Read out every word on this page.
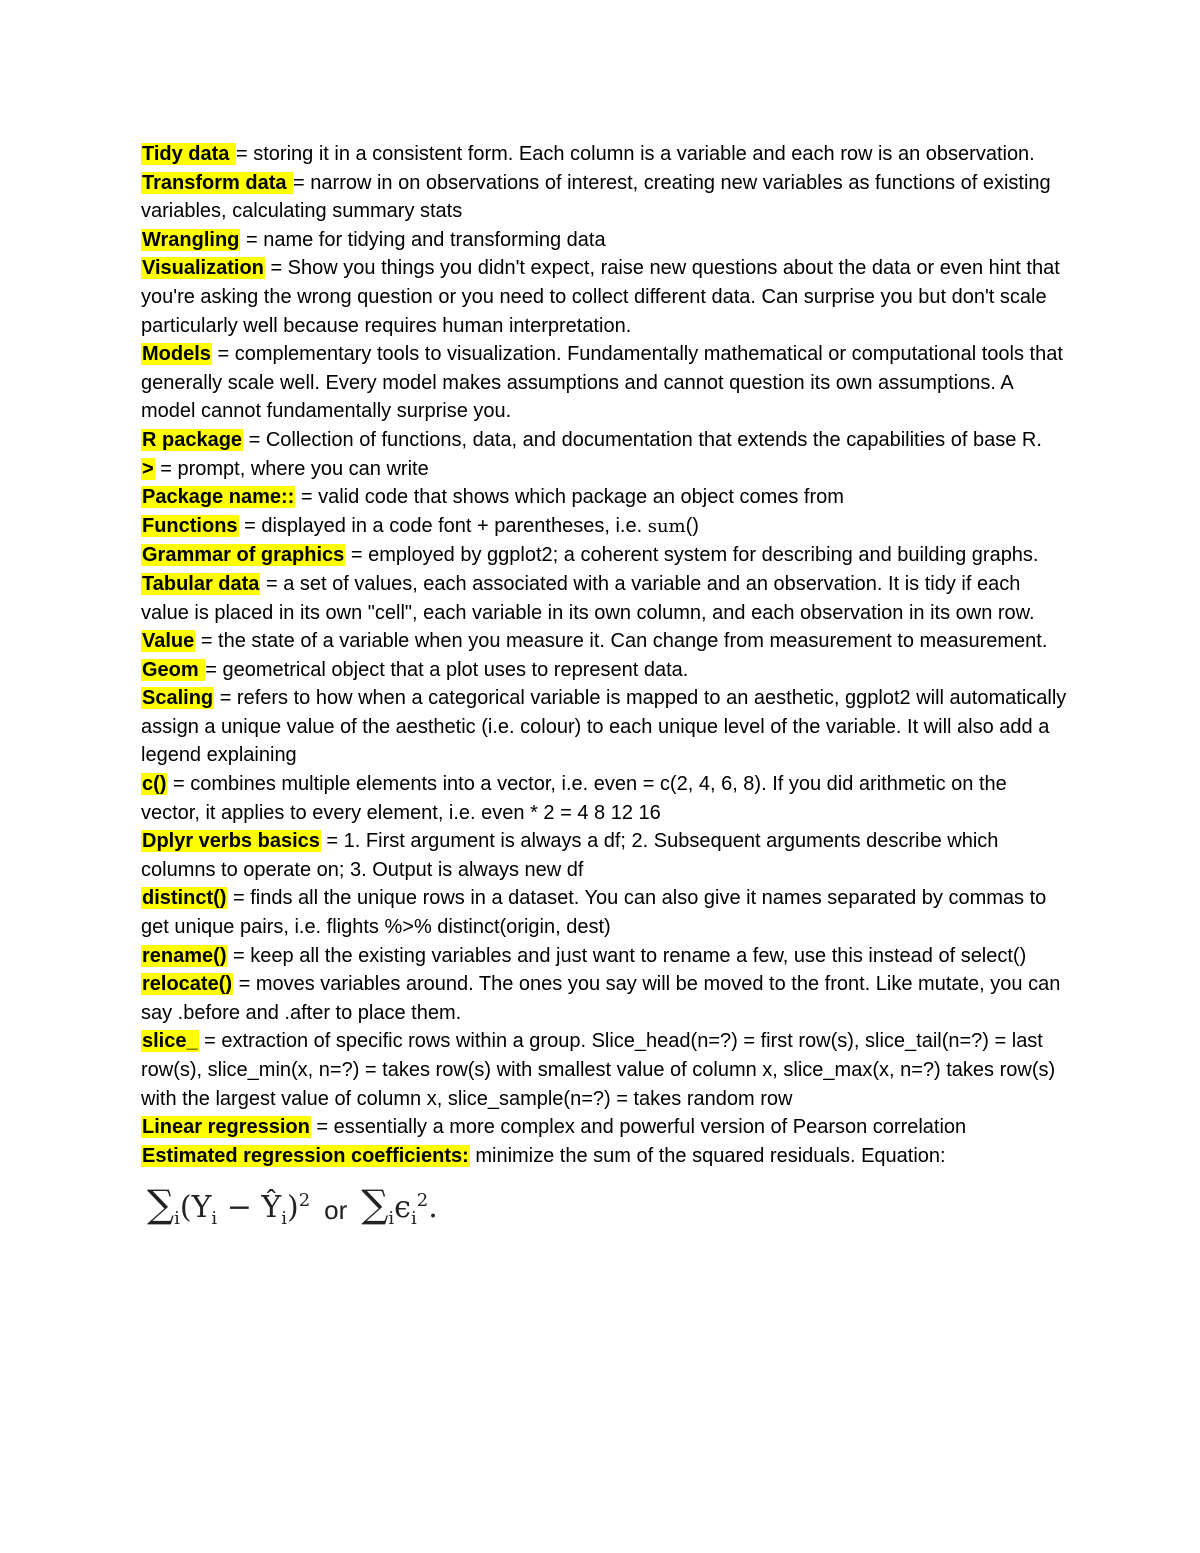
Tidy data = storing it in a consistent form. Each column is a variable and each row is an observation.

Transform data = narrow in on observations of interest, creating new variables as functions of existing variables, calculating summary stats

Wrangling = name for tidying and transforming data

Visualization = Show you things you didn't expect, raise new questions about the data or even hint that you're asking the wrong question or you need to collect different data. Can surprise you but don't scale particularly well because requires human interpretation.

Models = complementary tools to visualization. Fundamentally mathematical or computational tools that generally scale well. Every model makes assumptions and cannot question its own assumptions. A model cannot fundamentally surprise you.

R package = Collection of functions, data, and documentation that extends the capabilities of base R.

> = prompt, where you can write

Package name:: = valid code that shows which package an object comes from

Functions = displayed in a code font + parentheses, i.e. sum()

Grammar of graphics = employed by ggplot2; a coherent system for describing and building graphs.

Tabular data = a set of values, each associated with a variable and an observation. It is tidy if each value is placed in its own "cell", each variable in its own column, and each observation in its own row.

Value = the state of a variable when you measure it. Can change from measurement to measurement.

Geom = geometrical object that a plot uses to represent data.

Scaling = refers to how when a categorical variable is mapped to an aesthetic, ggplot2 will automatically assign a unique value of the aesthetic (i.e. colour) to each unique level of the variable. It will also add a legend explaining

c() = combines multiple elements into a vector, i.e. even = c(2, 4, 6, 8). If you did arithmetic on the vector, it applies to every element, i.e. even * 2 = 4 8 12 16

Dplyr verbs basics = 1. First argument is always a df; 2. Subsequent arguments describe which columns to operate on; 3. Output is always new df

distinct() = finds all the unique rows in a dataset. You can also give it names separated by commas to get unique pairs, i.e. flights %>% distinct(origin, dest)

rename() = keep all the existing variables and just want to rename a few, use this instead of select()

relocate() = moves variables around. The ones you say will be moved to the front. Like mutate, you can say .before and .after to place them.

slice_ = extraction of specific rows within a group. Slice_head(n=?) = first row(s), slice_tail(n=?) = last row(s), slice_min(x, n=?) = takes row(s) with smallest value of column x, slice_max(x, n=?) takes row(s) with the largest value of column x, slice_sample(n=?) = takes random row

Linear regression = essentially a more complex and powerful version of Pearson correlation

Estimated regression coefficients: minimize the sum of the squared residuals. Equation:

$\sum_i(Y_i$ − $Ŷ_i)^2$ or $\sum_i\epsilon_i^2$.
